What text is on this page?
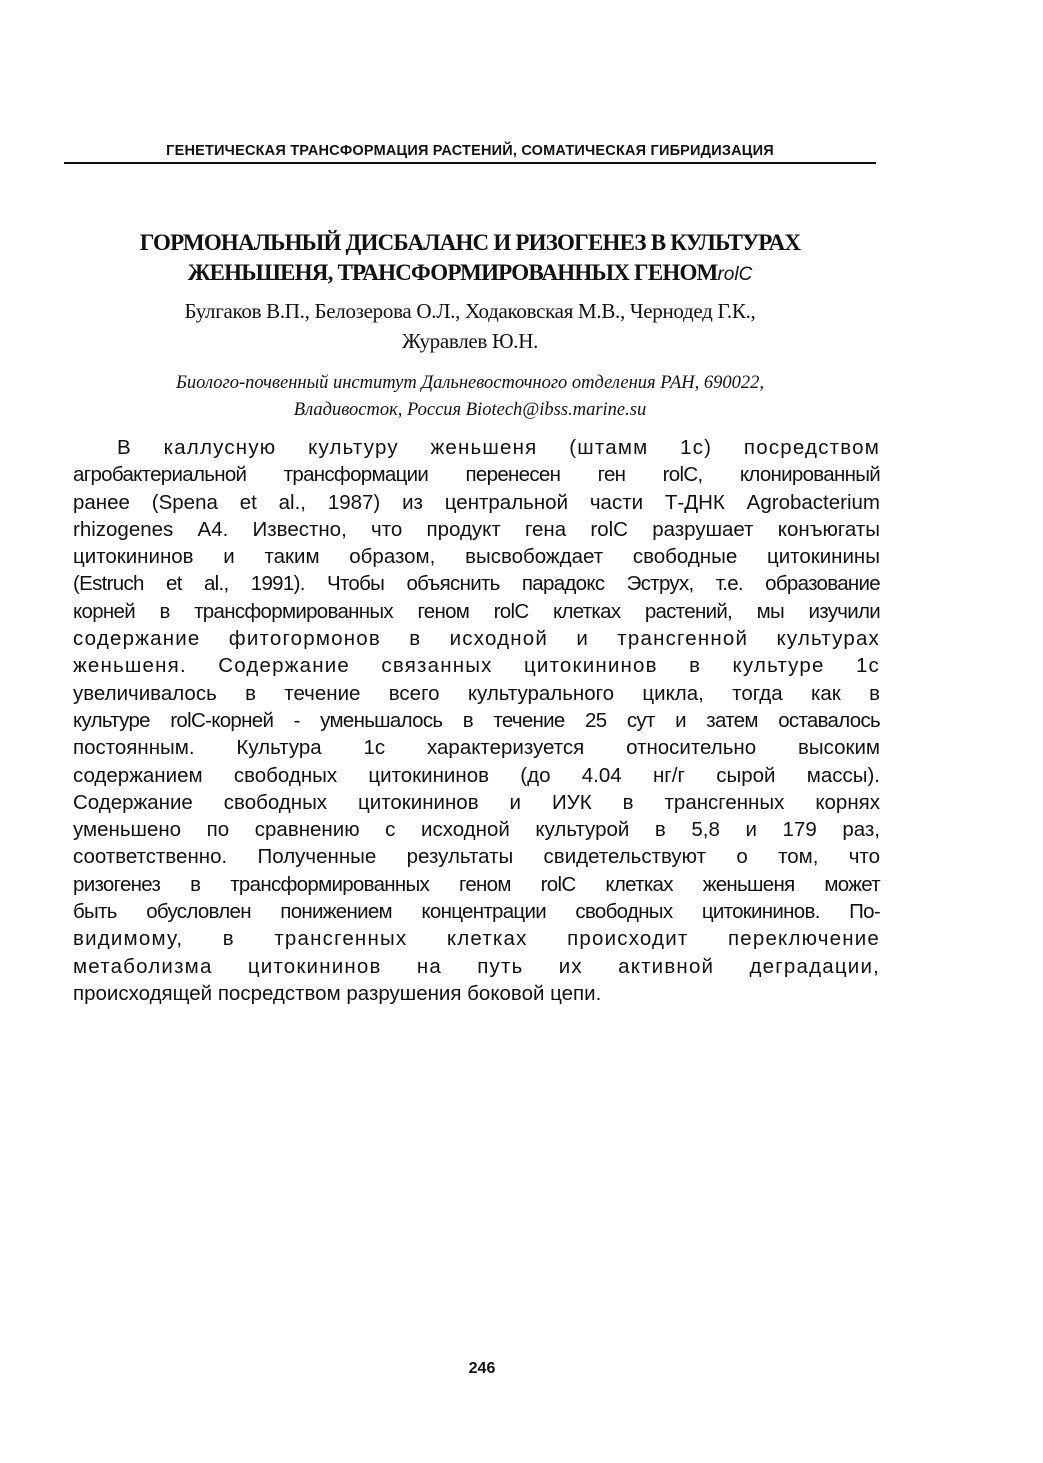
ГЕНЕТИЧЕСКАЯ ТРАНСФОРМАЦИЯ РАСТЕНИЙ, СОМАТИЧЕСКАЯ ГИБРИДИЗАЦИЯ
ГОРМОНАЛЬНЫЙ ДИСБАЛАНС И РИЗОГЕНЕЗ В КУЛЬТУРАХ
ЖЕНЬШЕНЯ, ТРАНСФОРМИРОВАННЫХ ГЕНОМrolC
Булгаков В.П., Белозерова О.Л., Ходаковская М.В., Чернодед Г.К.,
Журавлев Ю.Н.
Биолого-почвенный институт Дальневосточного отделения РАН, 690022,
Владивосток, Россия Biotech@ibss.marine.su
В каллусную культуру женьшеня (штамм 1с) посредством
агробактериальной трансформации перенесен ген rolC, клонированный
ранее (Spena et al., 1987) из центральной части Т-ДНК Agrobacterium
rhizogenes А4. Известно, что продукт гена rolC разрушает конъюгаты
цитокининов и таким образом, высвобождает свободные цитокинины
(Estruch et al., 1991). Чтобы объяснить парадокс Эструх, т.е. образование
корней в трансформированных геном rolC клетках растений, мы изучили
содержание фитогормонов в исходной и трансгенной культурах
женьшеня. Содержание связанных цитокининов в культуре 1с
увеличивалось в течение всего культурального цикла, тогда как в
культуре rolC-корней - уменьшалось в течение 25 сут и затем оставалось
постоянным. Культура 1с характеризуется относительно высоким
содержанием свободных цитокининов (до 4.04 нг/г сырой массы).
Содержание свободных цитокининов и ИУК в трансгенных корнях
уменьшено по сравнению с исходной культурой в 5,8 и 179 раз,
соответственно. Полученные результаты свидетельствуют о том, что
ризогенез в трансформированных геном rolC клетках женьшеня может
быть обусловлен понижением концентрации свободных цитокининов. По-
видимому, в трансгенных клетках происходит переключение
метаболизма цитокининов на путь их активной деградации,
происходящей посредством разрушения боковой цепи.
246
